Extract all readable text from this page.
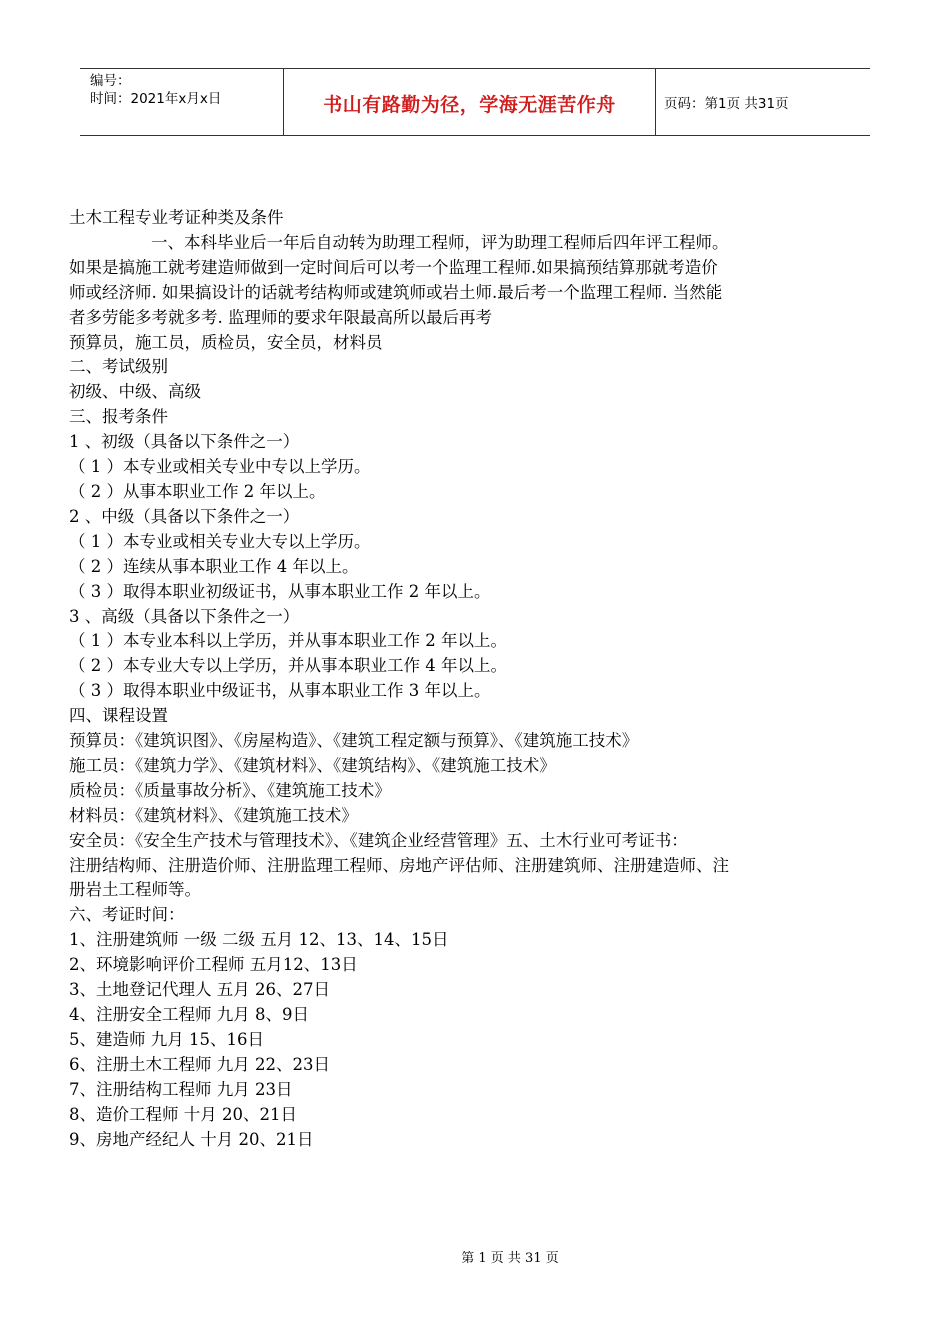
编号：
时间：2021年x月x日	书山有路勤为径，学海无涯苦作舟	页码：第1页 共31页
土木工程专业考证种类及条件
一、本科毕业后一年后自动转为助理工程师，评为助理工程师后四年评工程师。如果是搞施工就考建造师做到一定时间后可以考一个监理工程师.如果搞预结算那就考造价师或经济师. 如果搞设计的话就考结构师或建筑师或岩土师.最后考一个监理工程师. 当然能者多劳能多考就多考. 监理师的要求年限最高所以最后再考
预算员，施工员，质检员，安全员，材料员
二、考试级别
初级、中级、高级
三、报考条件
1 、初级（具备以下条件之一）
（ 1 ）本专业或相关专业中专以上学历。
（ 2 ）从事本职业工作 2 年以上。
2 、中级（具备以下条件之一）
（ 1 ）本专业或相关专业大专以上学历。
（ 2 ）连续从事本职业工作 4 年以上。
（ 3 ）取得本职业初级证书，从事本职业工作 2 年以上。
3 、高级（具备以下条件之一）
（ 1 ）本专业本科以上学历，并从事本职业工作 2 年以上。
（ 2 ）本专业大专以上学历，并从事本职业工作 4 年以上。
（ 3 ）取得本职业中级证书，从事本职业工作 3 年以上。
四、课程设置
预算员：《建筑识图》、《房屋构造》、《建筑工程定额与预算》、《建筑施工技术》
施工员：《建筑力学》、《建筑材料》、《建筑结构》、《建筑施工技术》
质检员：《质量事故分析》、《建筑施工技术》
材料员：《建筑材料》、《建筑施工技术》
安全员：《安全生产技术与管理技术》、《建筑企业经营管理》五、土木行业可考证书：
注册结构师、注册造价师、注册监理工程师、房地产评估师、注册建筑师、注册建造师、注册岩土工程师等。
六、考证时间：
1、注册建筑师 一级 二级 五月 12、13、14、15日
2、环境影响评价工程师 五月12、13日
3、土地登记代理人 五月 26、27日
4、注册安全工程师 九月 8、9日
5、建造师 九月 15、16日
6、注册土木工程师 九月 22、23日
7、注册结构工程师 九月 23日
8、造价工程师 十月 20、21日
9、房地产经纪人 十月 20、21日
第 1 页 共 31 页
